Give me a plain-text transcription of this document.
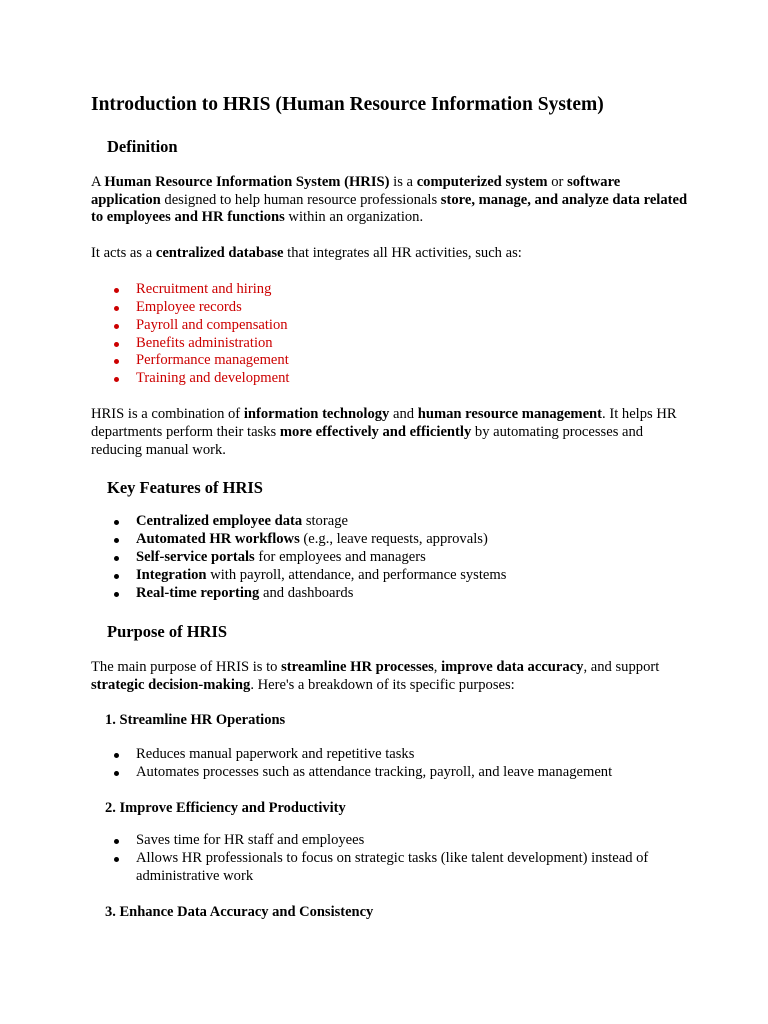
Introduction to HRIS (Human Resource Information System)
Definition

A Human Resource Information System (HRIS) is a computerized system or software application designed to help human resource professionals store, manage, and analyze data related to employees and HR functions within an organization.

It acts as a centralized database that integrates all HR activities, such as:

Recruitment and hiring
Employee records
Payroll and compensation
Benefits administration
Performance management
Training and development

HRIS is a combination of information technology and human resource management. It helps HR departments perform their tasks more effectively and efficiently by automating processes and reducing manual work.

Key Features of HRIS
Centralized employee data storage
Automated HR workflows (e.g., leave requests, approvals)
Self-service portals for employees and managers
Integration with payroll, attendance, and performance systems
Real-time reporting and dashboards
Purpose of HRIS

The main purpose of HRIS is to streamline HR processes, improve data accuracy, and support strategic decision-making. Here's a breakdown of its specific purposes:

1. Streamline HR Operations
Reduces manual paperwork and repetitive tasks
Automates processes such as attendance tracking, payroll, and leave management
2. Improve Efficiency and Productivity
Saves time for HR staff and employees
Allows HR professionals to focus on strategic tasks (like talent development) instead of administrative work
3. Enhance Data Accuracy and Consistency
